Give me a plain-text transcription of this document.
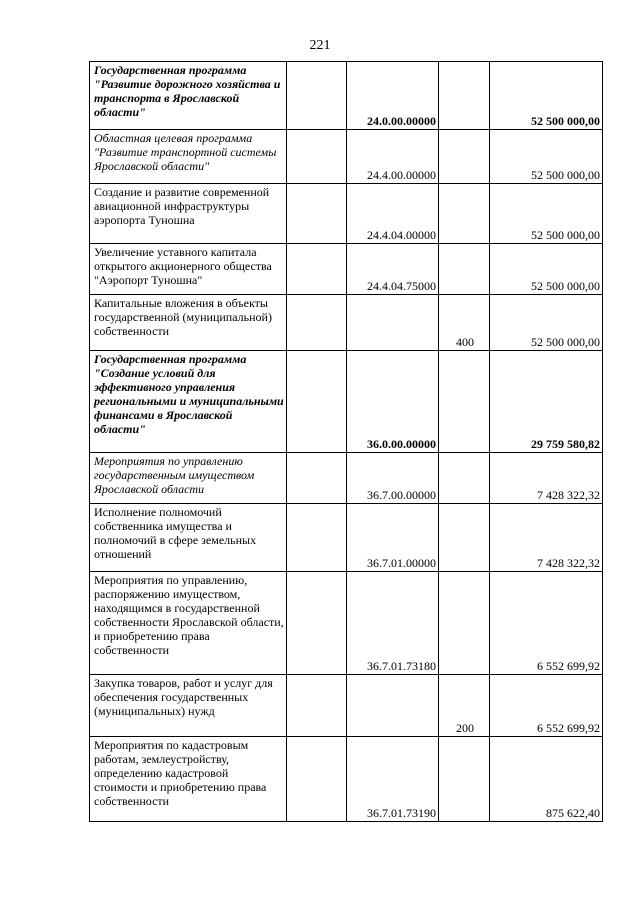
221
Государственная программа "Развитие дорожного хозяйства и транспорта в Ярославской области"		24.0.00.00000		52 500 000,00
Областная целевая программа "Развитие транспортной системы Ярославской области"		24.4.00.00000		52 500 000,00
Создание и развитие современной авиационной инфраструктуры аэропорта Туношна		24.4.04.00000		52 500 000,00
Увеличение уставного капитала открытого акционерного общества "Аэропорт Туношна"		24.4.04.75000		52 500 000,00
Капитальные вложения в объекты государственной (муниципальной) собственности			400	52 500 000,00
Государственная программа "Создание условий для эффективного управления региональными и муниципальными финансами в Ярославской области"		36.0.00.00000		29 759 580,82
Мероприятия по управлению государственным имуществом Ярославской области		36.7.00.00000		7 428 322,32
Исполнение полномочий собственника имущества и полномочий в сфере земельных отношений		36.7.01.00000		7 428 322,32
Мероприятия по управлению, распоряжению имуществом, находящимся в государственной собственности Ярославской области, и приобретению права собственности		36.7.01.73180		6 552 699,92
Закупка товаров, работ и услуг для обеспечения государственных (муниципальных) нужд			200	6 552 699,92
Мероприятия по кадастровым работам, землеустройству, определению кадастровой стоимости и приобретению права собственности		36.7.01.73190		875 622,40
